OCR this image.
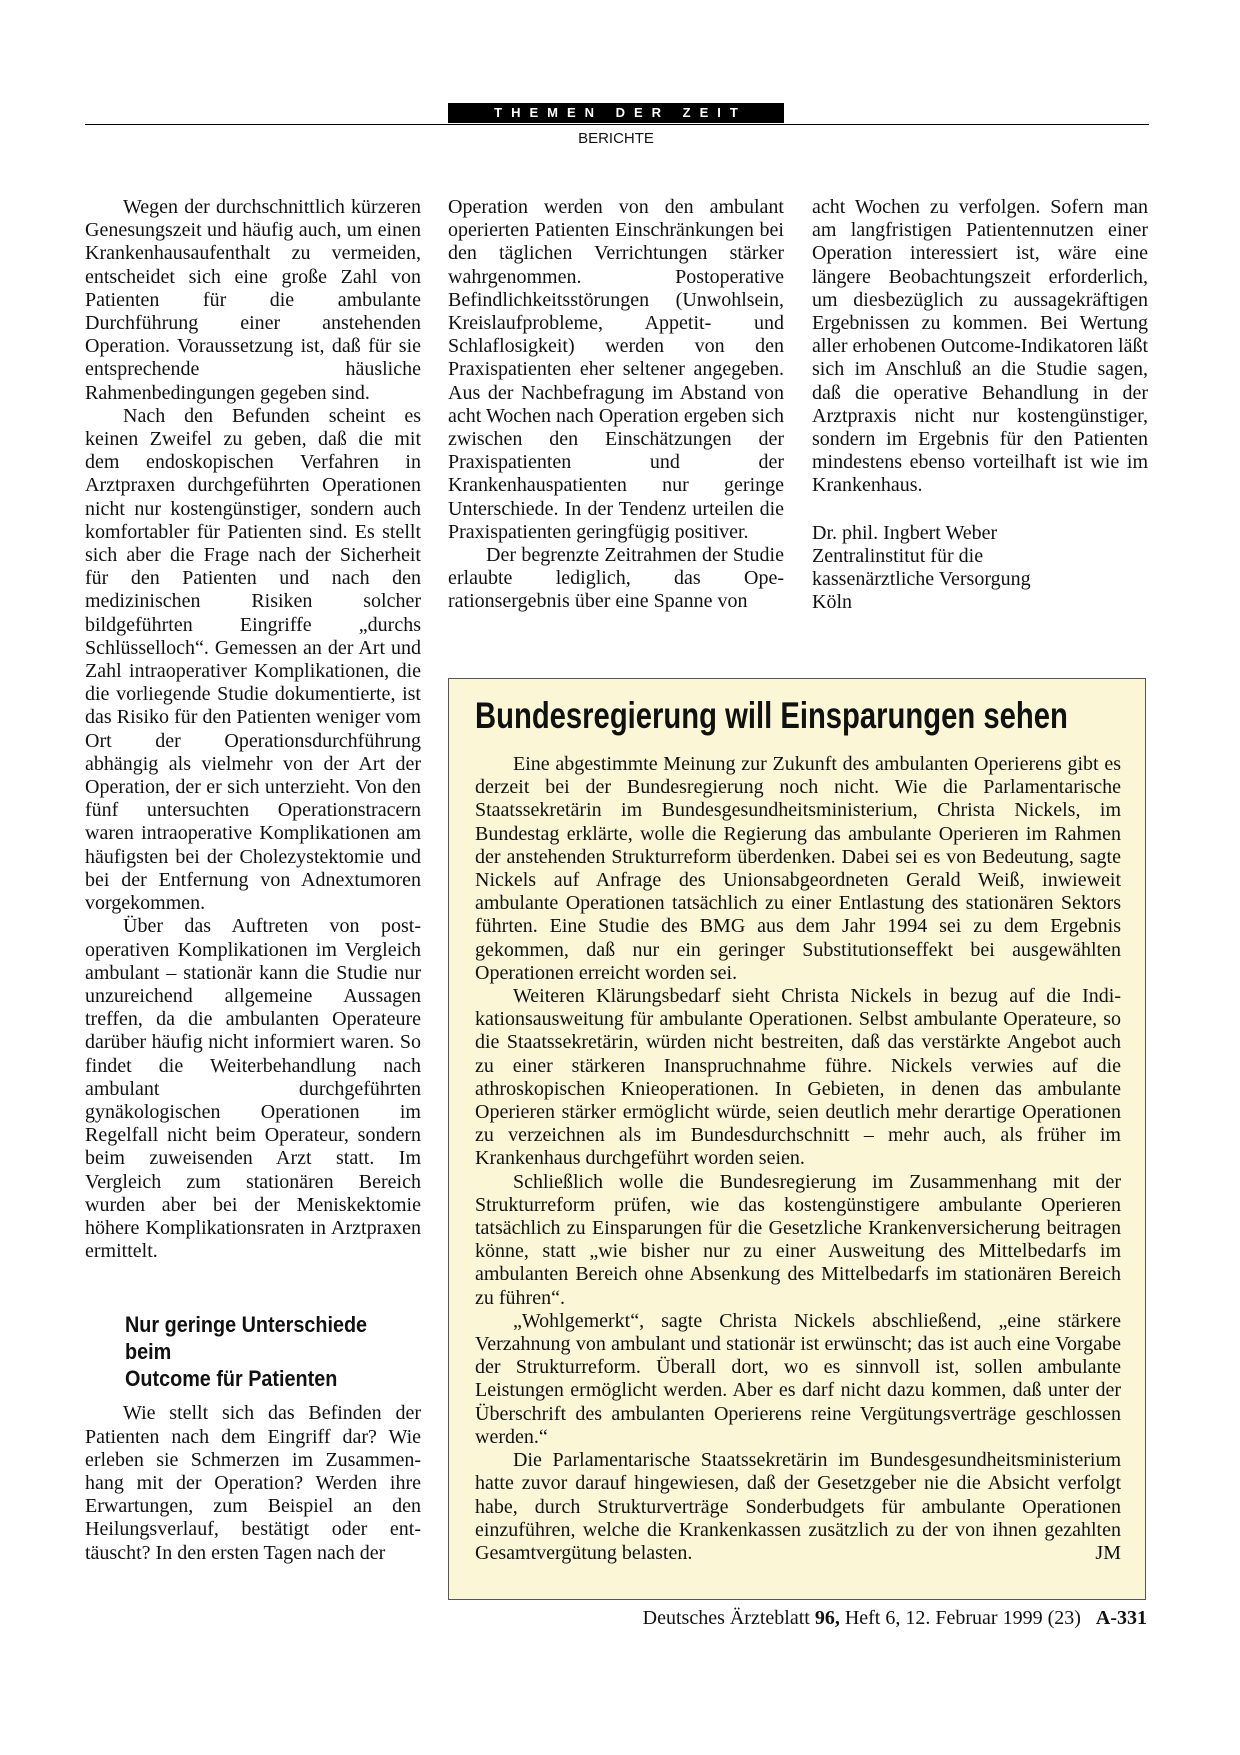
THEMEN DER ZEIT
BERICHTE

Wegen der durchschnittlich kürzeren Genesungszeit und häufig auch, um einen Krankenhausaufenthalt zu vermeiden, entscheidet sich eine große Zahl von Patienten für die ambulante Durchführung einer anstehenden Operation. Voraussetzung ist, daß für sie entsprechende häusliche Rahmenbedingungen gegeben sind.

Nach den Befunden scheint es keinen Zweifel zu geben, daß die mit dem endoskopischen Verfahren in Arztpraxen durchgeführten Operationen nicht nur kostengünstiger, sondern auch komfortabler für Patienten sind. Es stellt sich aber die Frage nach der Sicherheit für den Patienten und nach den medizinischen Risiken solcher bildgeführten Eingriffe „durchs Schlüsselloch“. Gemessen an der Art und Zahl intraoperativer Komplikationen, die die vorliegende Studie dokumentierte, ist das Risiko für den Patienten weniger vom Ort der Operationsdurchführung abhängig als vielmehr von der Art der Operation, der er sich unterzieht. Von den fünf untersuchten Operationstracern waren intraoperative Komplikationen am häufigsten bei der Cholezystektomie und bei der Entfernung von Adnextumoren vorgekommen.

Über das Auftreten von postoperativen Komplikationen im Vergleich ambulant – stationär kann die Studie nur unzureichend allgemeine Aussagen treffen, da die ambulanten Operateure darüber häufig nicht informiert waren. So findet die Weiterbehandlung nach ambulant durchgeführten gynäkologischen Operationen im Regelfall nicht beim Operateur, sondern beim zuweisenden Arzt statt. Im Vergleich zum stationären Bereich wurden aber bei der Meniskektomie höhere Komplikationsraten in Arztpraxen ermittelt.

Nur geringe Unterschiede beim
Outcome für Patienten

Wie stellt sich das Befinden der Patienten nach dem Eingriff dar? Wie erleben sie Schmerzen im Zusammenhang mit der Operation? Werden ihre Erwartungen, zum Beispiel an den Heilungsverlauf, bestätigt oder enttäuscht? In den ersten Tagen nach der

Operation werden von den ambulant operierten Patienten Einschränkungen bei den täglichen Verrichtungen stärker wahrgenommen. Postoperative Befindlichkeitsstörungen (Unwohlsein, Kreislaufprobleme, Appetit- und Schlaflosigkeit) werden von den Praxispatienten eher seltener angegeben. Aus der Nachbefragung im Abstand von acht Wochen nach Operation ergeben sich zwischen den Einschätzungen der Praxispatienten und der Krankenhauspatienten nur geringe Unterschiede. In der Tendenz urteilen die Praxispatienten geringfügig positiver.

Der begrenzte Zeitrahmen der Studie erlaubte lediglich, das Operationsergebnis über eine Spanne von

acht Wochen zu verfolgen. Sofern man am langfristigen Patientennutzen einer Operation interessiert ist, wäre eine längere Beobachtungszeit erforderlich, um diesbezüglich zu aussagekräftigen Ergebnissen zu kommen. Bei Wertung aller erhobenen Outcome-Indikatoren läßt sich im Anschluß an die Studie sagen, daß die operative Behandlung in der Arztpraxis nicht nur kostengünstiger, sondern im Ergebnis für den Patienten mindestens ebenso vorteilhaft ist wie im Krankenhaus.

Dr. phil. Ingbert Weber
Zentralinstitut für die
kassenärztliche Versorgung
Köln
Bundesregierung will Einsparungen sehen

Eine abgestimmte Meinung zur Zukunft des ambulanten Operierens gibt es derzeit bei der Bundesregierung noch nicht. Wie die Parlamentarische Staatssekretärin im Bundesgesundheitsministerium, Christa Nickels, im Bundestag erklärte, wolle die Regierung das ambulante Operieren im Rahmen der anstehenden Strukturreform überdenken. Dabei sei es von Bedeutung, sagte Nickels auf Anfrage des Unionsabgeordneten Gerald Weiß, inwieweit ambulante Operationen tatsächlich zu einer Entlastung des stationären Sektors führten. Eine Studie des BMG aus dem Jahr 1994 sei zu dem Ergebnis gekommen, daß nur ein geringer Substitutionseffekt bei ausgewählten Operationen erreicht worden sei.

Weiteren Klärungsbedarf sieht Christa Nickels in bezug auf die Indikationsausweitung für ambulante Operationen. Selbst ambulante Operateure, so die Staatssekretärin, würden nicht bestreiten, daß das verstärkte Angebot auch zu einer stärkeren Inanspruchnahme führe. Nickels verwies auf die athroskopischen Knieoperationen. In Gebieten, in denen das ambulante Operieren stärker ermöglicht würde, seien deutlich mehr derartige Operationen zu verzeichnen als im Bundesdurchschnitt – mehr auch, als früher im Krankenhaus durchgeführt worden seien.

Schließlich wolle die Bundesregierung im Zusammenhang mit der Strukturreform prüfen, wie das kostengünstigere ambulante Operieren tatsächlich zu Einsparungen für die Gesetzliche Krankenversicherung beitragen könne, statt „wie bisher nur zu einer Ausweitung des Mittelbedarfs im ambulanten Bereich ohne Absenkung des Mittelbedarfs im stationären Bereich zu führen“.

„Wohlgemerkt“, sagte Christa Nickels abschließend, „eine stärkere Verzahnung von ambulant und stationär ist erwünscht; das ist auch eine Vorgabe der Strukturreform. Überall dort, wo es sinnvoll ist, sollen ambulante Leistungen ermöglicht werden. Aber es darf nicht dazu kommen, daß unter der Überschrift des ambulanten Operierens reine Vergütungsverträge geschlossen werden.“

Die Parlamentarische Staatssekretärin im Bundesgesundheitsministerium hatte zuvor darauf hingewiesen, daß der Gesetzgeber nie die Absicht verfolgt habe, durch Strukturverträge Sonderbudgets für ambulante Operationen einzuführen, welche die Krankenkassen zusätzlich zu der von ihnen gezahlten Gesamtvergütung belasten.	JM

Deutsches Ärzteblatt 96, Heft 6, 12. Februar 1999 (23) A-331
